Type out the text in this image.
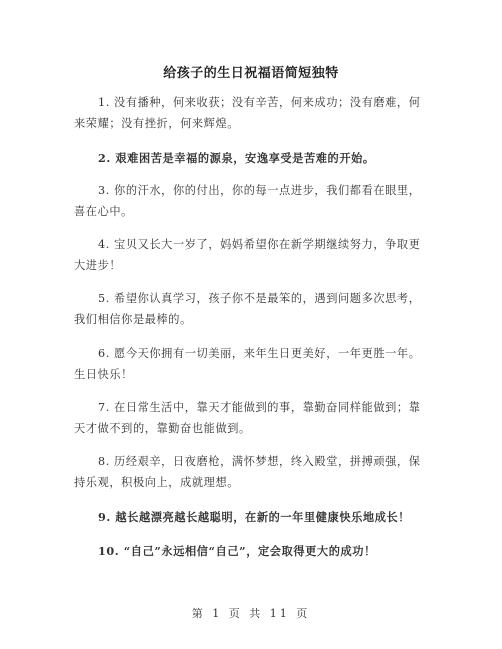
给孩子的生日祝福语简短独特
1. 没有播种，何来收获；没有辛苦，何来成功；没有磨难，何来荣耀；没有挫折，何来辉煌。
2. 艰难困苦是幸福的源泉，安逸享受是苦难的开始。
3. 你的汗水，你的付出，你的每一点进步，我们都看在眼里，喜在心中。
4. 宝贝又长大一岁了，妈妈希望你在新学期继续努力，争取更大进步！
5. 希望你认真学习，孩子你不是最笨的，遇到问题多次思考，我们相信你是最棒的。
6. 愿今天你拥有一切美丽，来年生日更美好，一年更胜一年。生日快乐！
7. 在日常生活中，靠天才能做到的事，靠勤奋同样能做到；靠天才做不到的，靠勤奋也能做到。
8. 历经艰辛，日夜磨枪，满怀梦想，终入殿堂，拼搏顽强，保持乐观，积极向上，成就理想。
9. 越长越漂亮越长越聪明，在新的一年里健康快乐地成长！
10. “自己”永远相信“自己”，定会取得更大的成功！
第 1 页 共 11 页
